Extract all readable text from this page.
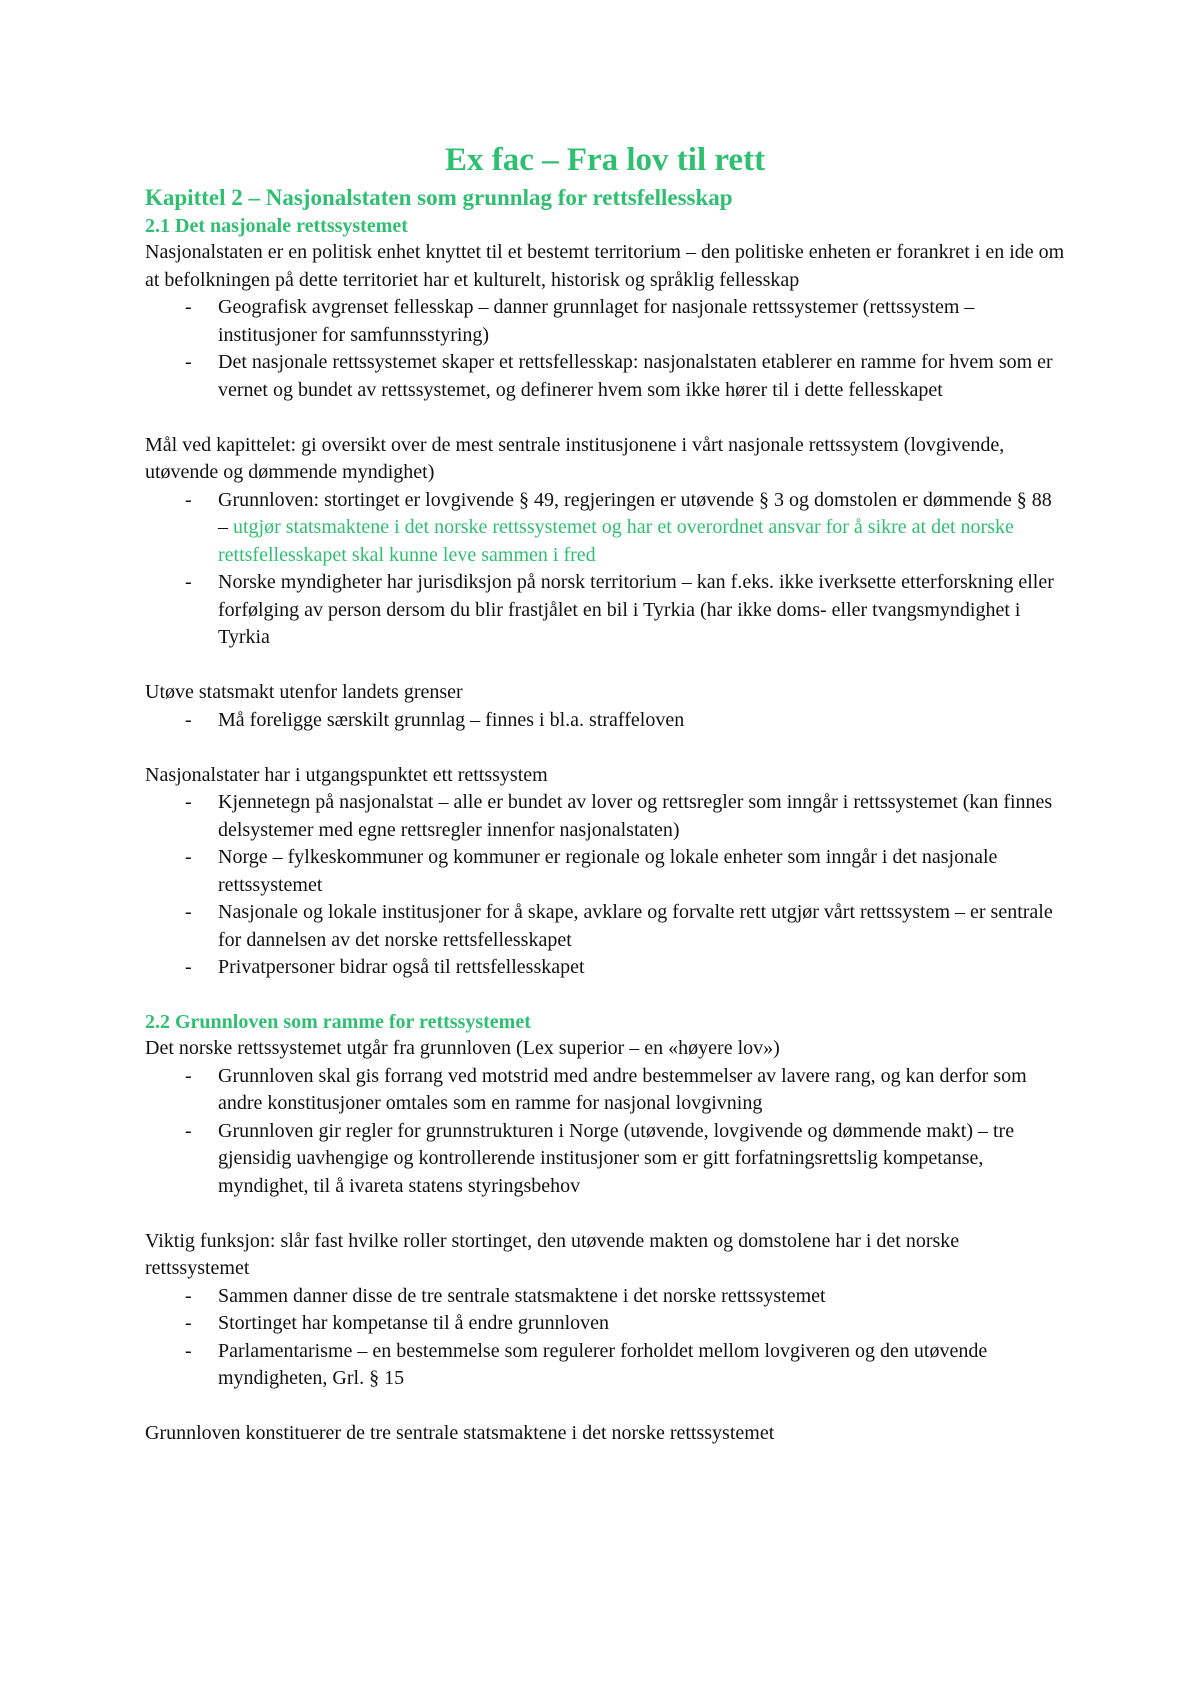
Ex fac – Fra lov til rett
Kapittel 2 – Nasjonalstaten som grunnlag for rettsfellesskap
2.1 Det nasjonale rettssystemet

Nasjonalstaten er en politisk enhet knyttet til et bestemt territorium – den politiske enheten er forankret i en ide om at befolkningen på dette territoriet har et kulturelt, historisk og språklig fellesskap

- Geografisk avgrenset fellesskap – danner grunnlaget for nasjonale rettssystemer (rettssystem – institusjoner for samfunnsstyring)
- Det nasjonale rettssystemet skaper et rettsfellesskap: nasjonalstaten etablerer en ramme for hvem som er vernet og bundet av rettssystemet, og definerer hvem som ikke hører til i dette fellesskapet

Mål ved kapittelet: gi oversikt over de mest sentrale institusjonene i vårt nasjonale rettssystem (lovgivende, utøvende og dømmende myndighet)

- Grunnloven: stortinget er lovgivende § 49, regjeringen er utøvende § 3 og domstolen er dømmende § 88 – utgjør statsmaktene i det norske rettssystemet og har et overordnet ansvar for å sikre at det norske rettsfellesskapet skal kunne leve sammen i fred
- Norske myndigheter har jurisdiksjon på norsk territorium – kan f.eks. ikke iverksette etterforskning eller forfølging av person dersom du blir frastjålet en bil i Tyrkia (har ikke doms- eller tvangsmyndighet i Tyrkia

Utøve statsmakt utenfor landets grenser

- Må foreligge særskilt grunnlag – finnes i bl.a. straffeloven

Nasjonalstater har i utgangspunktet ett rettssystem

- Kjennetegn på nasjonalstat – alle er bundet av lover og rettsregler som inngår i rettssystemet (kan finnes delsystemer med egne rettsregler innenfor nasjonalstaten)
- Norge – fylkeskommuner og kommuner er regionale og lokale enheter som inngår i det nasjonale rettssystemet
- Nasjonale og lokale institusjoner for å skape, avklare og forvalte rett utgjør vårt rettssystem – er sentrale for dannelsen av det norske rettsfellesskapet
- Privatpersoner bidrar også til rettsfellesskapet
2.2 Grunnloven som ramme for rettssystemet

Det norske rettssystemet utgår fra grunnloven (Lex superior – en «høyere lov»)

- Grunnloven skal gis forrang ved motstrid med andre bestemmelser av lavere rang, og kan derfor som andre konstitusjoner omtales som en ramme for nasjonal lovgivning
- Grunnloven gir regler for grunnstrukturen i Norge (utøvende, lovgivende og dømmende makt) – tre gjensidig uavhengige og kontrollerende institusjoner som er gitt forfatningsrettslig kompetanse, myndighet, til å ivareta statens styringsbehov

Viktig funksjon: slår fast hvilke roller stortinget, den utøvende makten og domstolene har i det norske rettssystemet

- Sammen danner disse de tre sentrale statsmaktene i det norske rettssystemet
- Stortinget har kompetanse til å endre grunnloven
- Parlamentarisme – en bestemmelse som regulerer forholdet mellom lovgiveren og den utøvende myndigheten, Grl. § 15

Grunnloven konstituerer de tre sentrale statsmaktene i det norske rettssystemet
